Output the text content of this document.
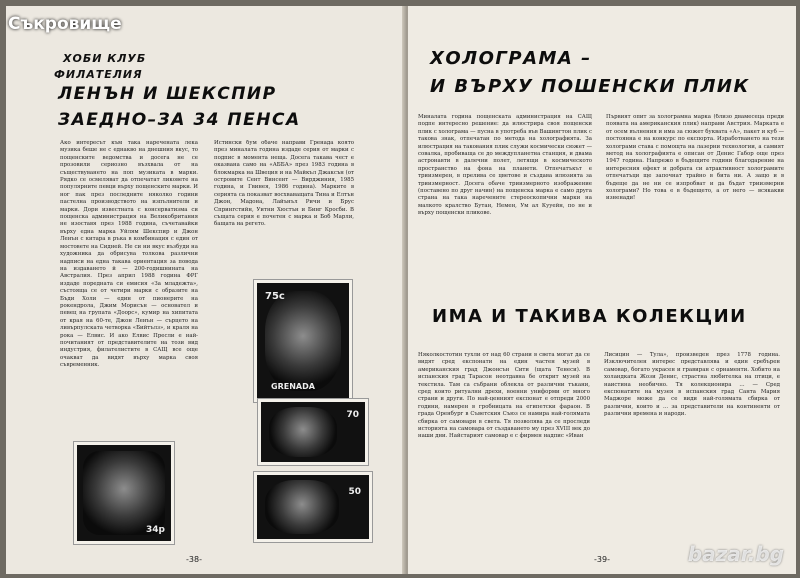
ХОБИ КЛУБ
ФИЛАТЕЛИЯ
ЛЕНЪН И ШЕКСПИР
ЗАЕДНО–ЗА 34 ПЕНСА
Ако интересът към така наречената лека музика беше не с еднакво на днешния вкус, то пощенските ведомства и досега не се прозовили сериозно възхвала от на съществуването на поп музиката в марки. Рядко се осмеляват да отпечатат ликовете на популярните певци върху пощенските марки. И ног пак през последните няколко години пастелна производството на изпълнители и марки. Дори известната с консерватизма си пощенска администрация на Великобритания не изоставя през 1988 година, съчетавайки върху една марка Уйлям Шекспир и Джон Ленън с китара в ръка в комбинация с един от мостовете на Сидней. Не си ни вкус възбуди на художника да обрисува толкова различни надписи на една такава ориентация за повода на издаването й — 200-годишнината на Австралия. През април 1988 година ФРГ издаде поредната си емисия «За младежта», състояща се от четири марки с образите на Бъди Холи — един от пионерите на рокендрола, Джим Морисън — основател и певец на групата «Доорс», кумир на хипитата от края на 60-те, Джон Ленън — сърцето на ливърпулската четворка «Бийтълз», и краля на рока — Елвис. И ако Елвис Пресли е най-почитаният от представителите на този вид индустрия, филателистите в САЩ все още очакват да видят върху марка своя съвременник.
Истински бум обаче направи Гренада която през миналата година издаде серия от марки с подпис в момента неща. Досега такава чест е оказвана само на «АББА» през 1983 година в блокмарка на Швеция и на Майкъл Джаксън (от островите Сент Винсент — Вирджиния, 1985 година, и Гвинея, 1986 година). Марките в серията са показват восхваващата Тина и Елтън Джон, Мадона, Лайънъл Ричи и Брус Спрингстийн, Уитни Хюстън и Бинг Кросби. В същата серия е почетен с марка и Боб Марли, бащата на регето.
75c
GRENADA
70
50
34p
-38-
ХОЛОГРАМА –
И ВЪРХУ ПОШЕНСКИ ПЛИК
Миналата година пощенската администрация на САЩ подпе интересно решение: да илюстрира своя пощенски плик с холограма — пусна в употреба във Вашингтон плик с такова знак, отпечатан по метода на холографията. За илюстрация на такования плик служи космически сюжет — совалка, пробиваща се до междупланетна станция, и двама астронавти в далечни полет, летящи в космическото пространство на фона на планети. Отпечатъкът е триизмерен, в прелива се цветове и създава илюзията за триизмерност. Досега обаче триизмерното изображение (поставено по друг начин) на пощенска марка е само друга страна на така наречените стереоскопични марки на малкото кралство Бутан, Немен, Ум ал Кууейн, по не и върху пощенски пликове.
Първият опит за холограмна марка (близо двамесеца преди появата на американския плик) направи Австрия. Марката е от осем вълнения и има за сюжет буквата «А», пакет и куб — постоянна е на конкурс по експорта. Изработването на тези холограми става с помощта на лазерни технологии, а самият метод на холографията е описан от Денис Габор още през 1947 година. Напрежо в бъдещите години благодарение на интересния ефект и добрата си атрактивност холограмите отпечатъци ще започнат трайно в бита ни. А защо и в бъдеще да не ни се изпробват и да бъдат триизмерни холограми? Но това е в бъдещето, а от него — всякакви изненади!
ИМА И ТАКИВА КОЛЕКЦИИ
Няколкостотин тухли от над 60 страни в света могат да се видят сред експонати на един частен музей в американския град Джонсън Сити (щата Тенеси). В испанския град Тарасон неотдавна бе открит музей на текстила. Там са събрани облекла от различни тъкани, сред които ритуални дрехи, военни униформи от много страни и други. По най-ценният експонат е отпреди 2000 години, намерен в гробницата на египетски фараон. В града Оренбург в Съветския Съюз се намира най-голямата сбирка от самовари в света. Тя позволява да се проследи историята на самовара от създаването му през XVIII век до наши дни. Найстарият самовар е с фирмен надпис «Иван
Лисицин — Тула», произведен през 1778 година. Изключителен интерес представлява и един сребърен самовар, богато украсен и гравиран с орнаменти. Хобито на холандката Жози Денис, страстна любителка на птици, е наистина необично. Тя колекционира ... — Сред експонатите на музея в испанския град Санта Мария Маджоре може да се види най-голямата сбирка от различни, които и ... за представители на континенти от различни времена и народи.
-39-	bazar.bg
Съкровище
